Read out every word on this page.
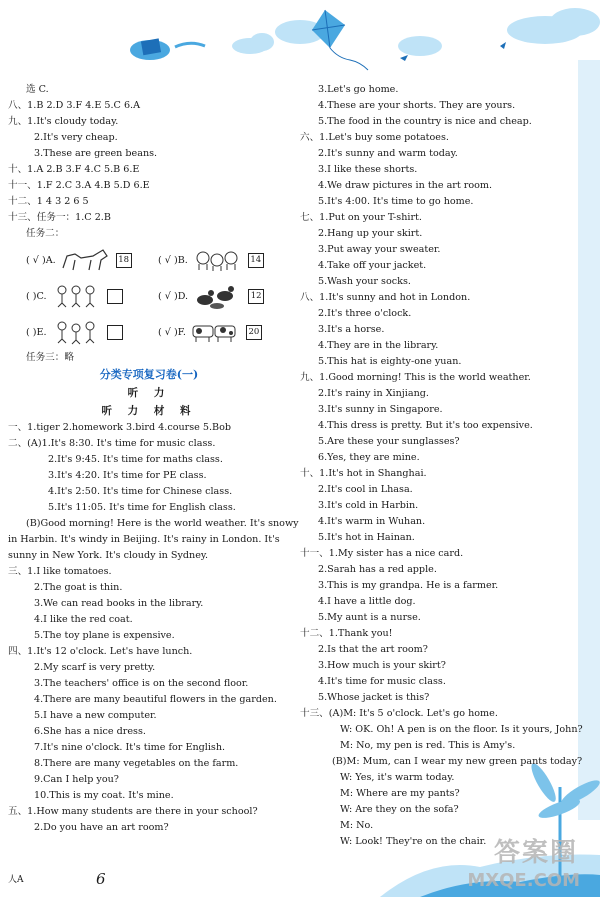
选 C.
八、1.B 2.D 3.F 4.E 5.C 6.A
九、1.It's cloudy today.
2.It's very cheap.
3.These are green beans.
十、1.A 2.B 3.F 4.C 5.B 6.E
十一、1.F 2.C 3.A 4.B 5.D 6.E
十二、1 4 3 2 6 5
十三、任务一：1.C 2.B
任务二：
( √ ) A.	18	( √ ) B.	14
( ) C.	( √ ) D.	12
( ) E.	( √ ) F.	20
任务三：略
分类专项复习卷(一)
听 力
听 力 材 料
一、1.tiger 2.homework 3.bird 4.course 5.Bob
二、(A)1.It's 8:30. It's time for music class.
2.It's 9:45. It's time for maths class.
3.It's 4:20. It's time for PE class.
4.It's 2:50. It's time for Chinese class.
5.It's 11:05. It's time for English class.
(B)Good morning! Here is the world weather. It's snowy
in Harbin. It's windy in Beijing. It's rainy in London. It's
sunny in New York. It's cloudy in Sydney.
三、1.I like tomatoes.
2.The goat is thin.
3.We can read books in the library.
4.I like the red coat.
5.The toy plane is expensive.
四、1.It's 12 o'clock. Let's have lunch.
2.My scarf is very pretty.
3.The teachers' office is on the second floor.
4.There are many beautiful flowers in the garden.
5.I have a new computer.
6.She has a nice dress.
7.It's nine o'clock. It's time for English.
8.There are many vegetables on the farm.
9.Can I help you?
10.This is my coat. It's mine.
五、1.How many students are there in your school?
2.Do you have an art room?
3.Let's go home.
4.These are your shorts. They are yours.
5.The food in the country is nice and cheap.
六、1.Let's buy some potatoes.
2.It's sunny and warm today.
3.I like these shorts.
4.We draw pictures in the art room.
5.It's 4:00. It's time to go home.
七、1.Put on your T-shirt.
2.Hang up your skirt.
3.Put away your sweater.
4.Take off your jacket.
5.Wash your socks.
八、1.It's sunny and hot in London.
2.It's three o'clock.
3.It's a horse.
4.They are in the library.
5.This hat is eighty-one yuan.
九、1.Good morning! This is the world weather.
2.It's rainy in Xinjiang.
3.It's sunny in Singapore.
4.This dress is pretty. But it's too expensive.
5.Are these your sunglasses?
6.Yes, they are mine.
十、1.It's hot in Shanghai.
2.It's cool in Lhasa.
3.It's cold in Harbin.
4.It's warm in Wuhan.
5.It's hot in Hainan.
十一、1.My sister has a nice card.
2.Sarah has a red apple.
3.This is my grandpa. He is a farmer.
4.I have a little dog.
5.My aunt is a nurse.
十二、1.Thank you!
2.Is that the art room?
3.How much is your skirt?
4.It's time for music class.
5.Whose jacket is this?
十三、(A)M: It's 5 o'clock. Let's go home.
W: OK. Oh! A pen is on the floor. Is it yours, John?
M: No, my pen is red. This is Amy's.
(B)M: Mum, can I wear my new green pants today?
W: Yes, it's warm today.
M: Where are my pants?
W: Are they on the sofa?
M: No.
W: Look! They're on the chair.
人A	6
答案圈
MXQE.COM
